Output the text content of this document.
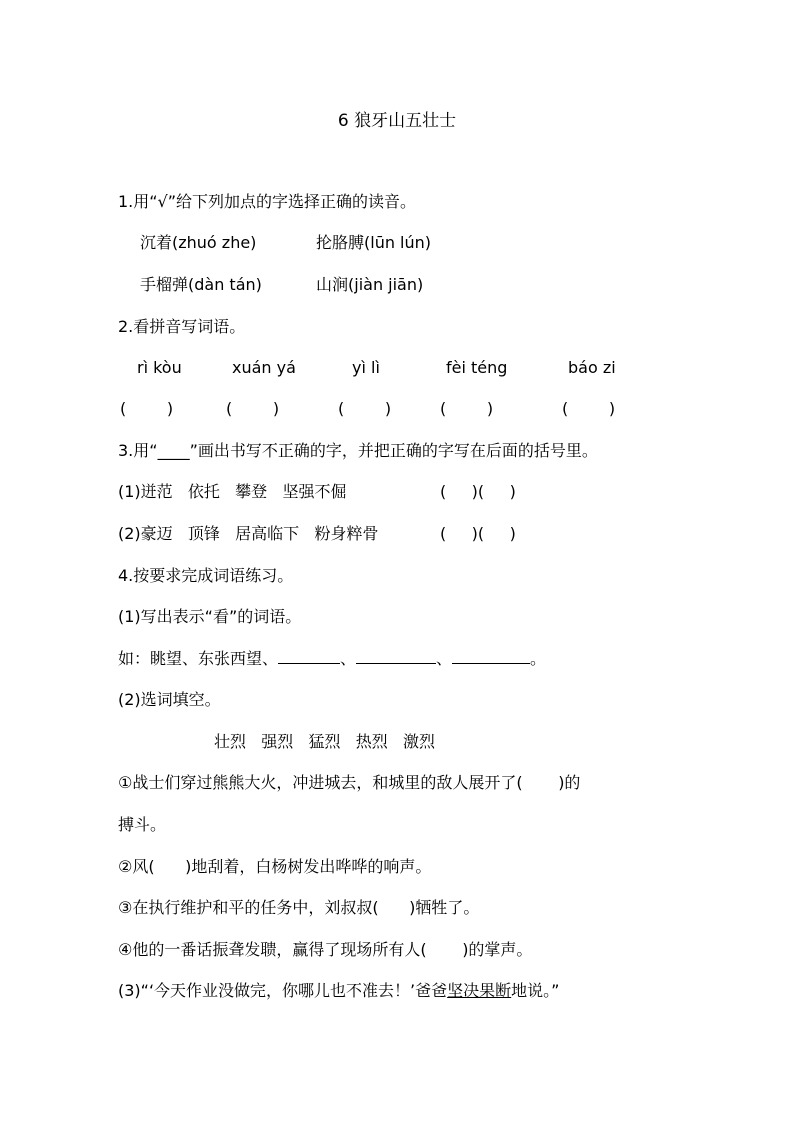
6 狼牙山五壮士
1.用“√”给下列加点的字选择正确的读音。
沉着(zhuó zhe)	抡胳膊(lūn lún)
手榴弹(dàn tán)	山涧(jiàn jiān)
2.看拼音写词语。
rì kòu	xuán yá	yì lì	fèi téng	báo zi
(        )	(        )	(        )	(        )	(        )
3.用“____”画出书写不正确的字，并把正确的字写在后面的括号里。
(1)迸范   依托   攀登   坚强不倔	(     )(     )
(2)豪迈   顶锋   居高临下   粉身粹骨	(     )(     )
4.按要求完成词语练习。
(1)写出表示“看”的词语。
如：眺望、东张西望、	、	、	。
(2)选词填空。
壮烈   强烈   猛烈   热烈   激烈
①战士们穿过熊熊大火，冲进城去，和城里的敌人展开了(       )的
搏斗。
②风(      )地刮着，白杨树发出哗哗的响声。
③在执行维护和平的任务中，刘叔叔(      )牺牲了。
④他的一番话振聋发聩，赢得了现场所有人(       )的掌声。
(3)“‘今天作业没做完，你哪儿也不准去！’爸爸坚决果断地说。”
